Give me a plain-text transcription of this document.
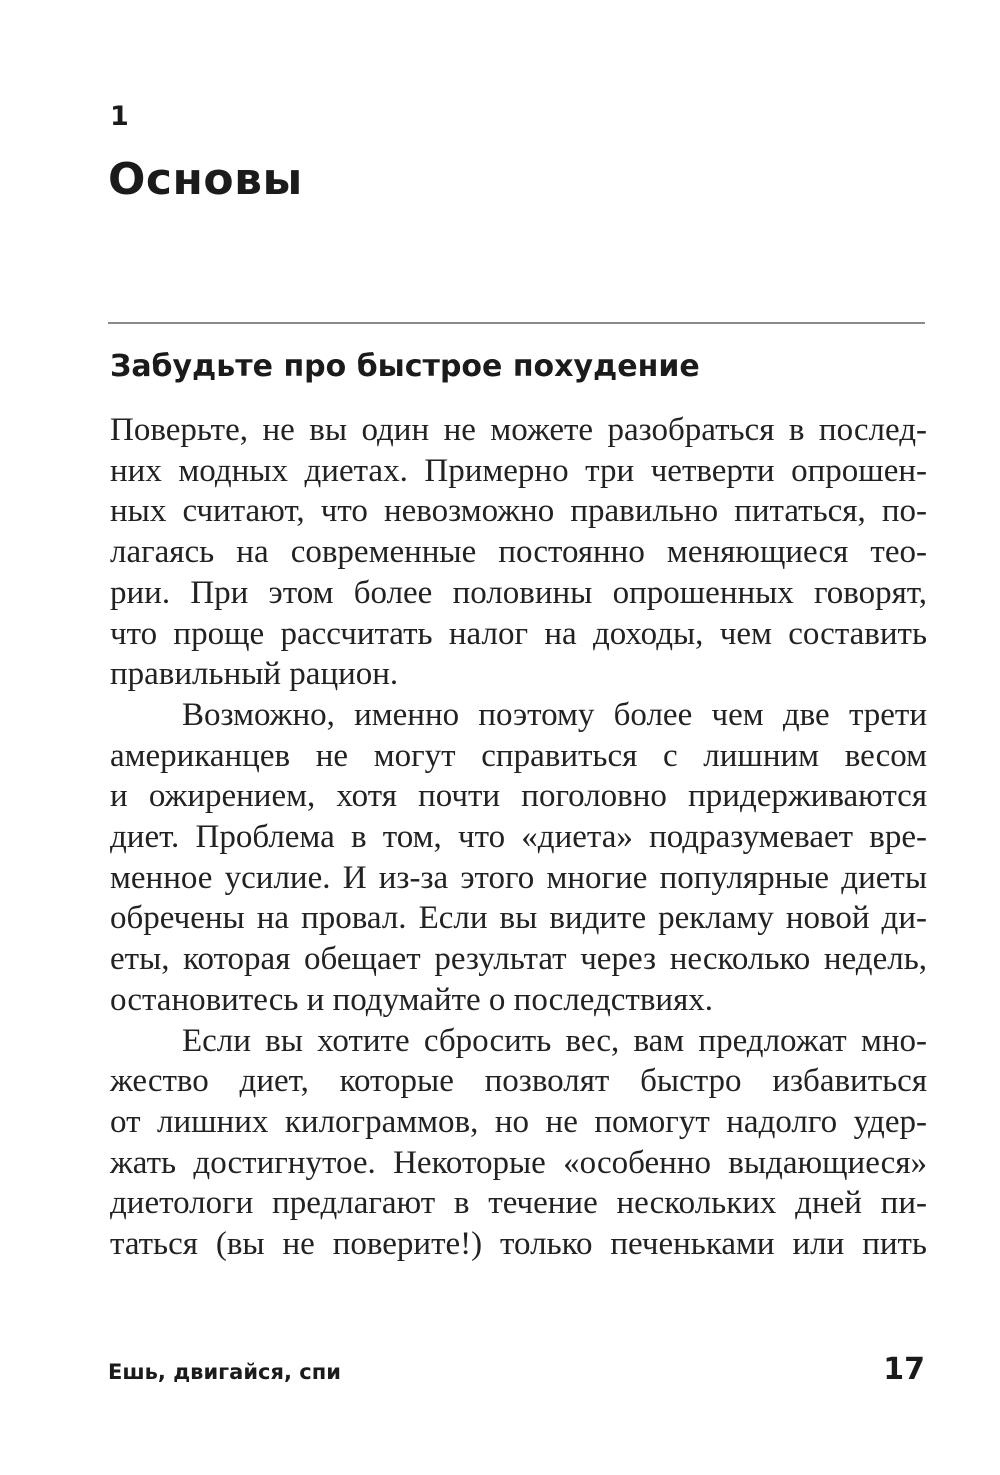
1
Основы
Забудьте про быстрое похудение
Поверьте, не вы один не можете разобраться в послед-
них модных диетах. Примерно три четверти опрошен-
ных считают, что невозможно правильно питаться, по-
лагаясь на современные постоянно меняющиеся тео-
рии. При этом более половины опрошенных говорят,
что проще рассчитать налог на доходы, чем составить
правильный рацион.
Возможно, именно поэтому более чем две трети
американцев не могут справиться с лишним весом
и ожирением, хотя почти поголовно придерживаются
диет. Проблема в том, что «диета» подразумевает вре-
менное усилие. И из-за этого многие популярные диеты
обречены на провал. Если вы видите рекламу новой ди-
еты, которая обещает результат через несколько недель,
остановитесь и подумайте о последствиях.
Если вы хотите сбросить вес, вам предложат мно-
жество диет, которые позволят быстро избавиться
от лишних килограммов, но не помогут надолго удер-
жать достигнутое. Некоторые «особенно выдающиеся»
диетологи предлагают в течение нескольких дней пи-
таться (вы не поверите!) только печеньками или пить
Ешь, двигайся, спи	17
